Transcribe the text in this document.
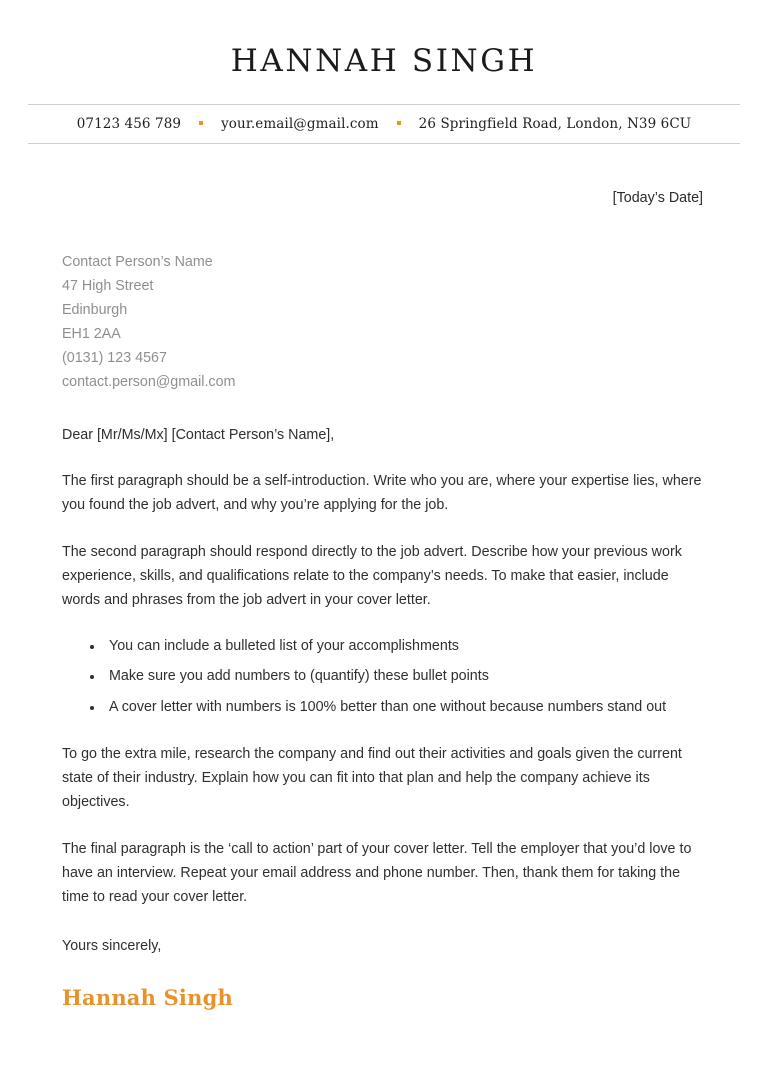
HANNAH SINGH
07123 456 789	your.email@gmail.com	26 Springfield Road, London, N39 6CU
[Today’s Date]
Contact Person’s Name
47 High Street
Edinburgh
EH1 2AA
(0131) 123 4567
contact.person@gmail.com
Dear [Mr/Ms/Mx] [Contact Person’s Name],

The first paragraph should be a self-introduction. Write who you are, where your expertise lies, where you found the job advert, and why you’re applying for the job.

The second paragraph should respond directly to the job advert. Describe how your previous work experience, skills, and qualifications relate to the company’s needs. To make that easier, include words and phrases from the job advert in your cover letter.

You can include a bulleted list of your accomplishments
Make sure you add numbers to (quantify) these bullet points
A cover letter with numbers is 100% better than one without because numbers stand out

To go the extra mile, research the company and find out their activities and goals given the current state of their industry. Explain how you can fit into that plan and help the company achieve its objectives.

The final paragraph is the ‘call to action’ part of your cover letter. Tell the employer that you’d love to have an interview. Repeat your email address and phone number. Then, thank them for taking the time to read your cover letter.

Yours sincerely,
Hannah Singh
